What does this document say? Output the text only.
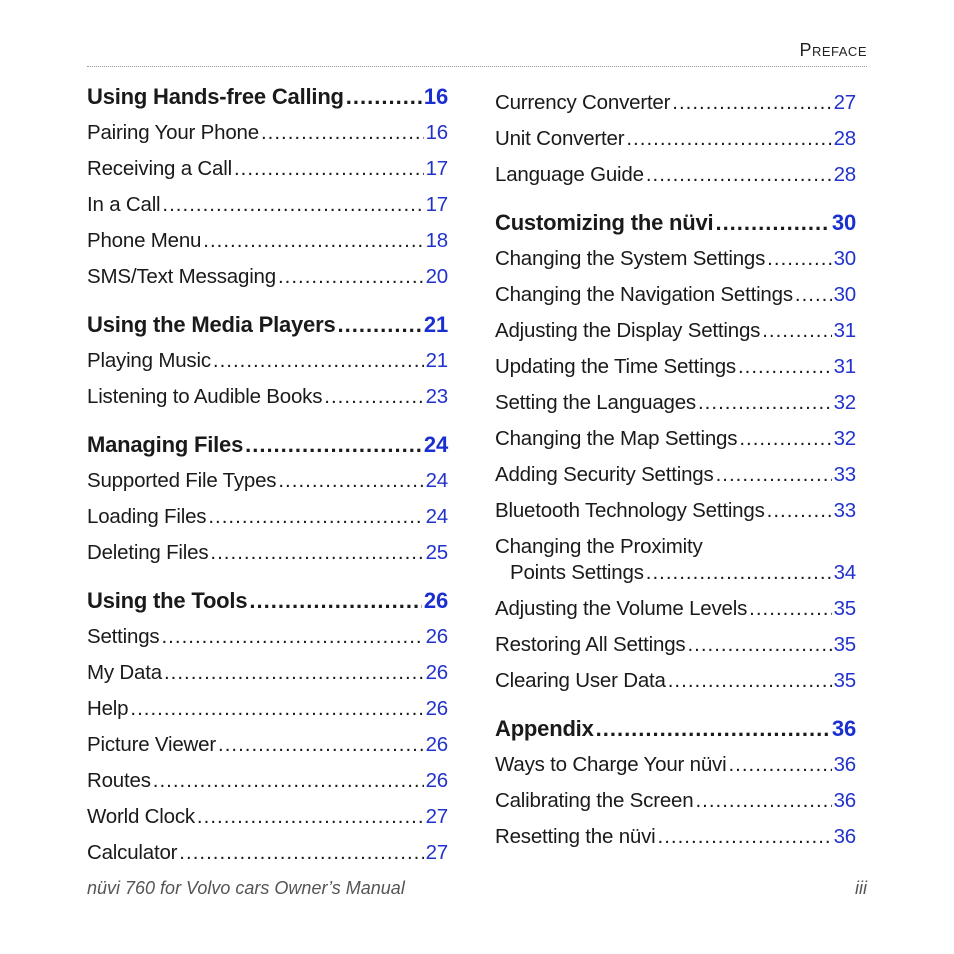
Preface
Using Hands-free Calling .....	16
Pairing Your Phone .....	16
Receiving a Call .....	17
In a Call .....	17
Phone Menu .....	18
SMS/Text Messaging .....	20
Using the Media Players .....	21
Playing Music .....	21
Listening to Audible Books .....	23
Managing Files .....	24
Supported File Types .....	24
Loading Files .....	24
Deleting Files .....	25
Using the Tools .....	26
Settings .....	26
My Data .....	26
Help .....	26
Picture Viewer .....	26
Routes .....	26
World Clock .....	27
Calculator .....	27
Currency Converter .....	27
Unit Converter .....	28
Language Guide .....	28
Customizing the nüvi .....	30
Changing the System Settings .....	30
Changing the Navigation Settings ..... 30
Adjusting the Display Settings .....	31
Updating the Time Settings .....	31
Setting the Languages .....	32
Changing the Map Settings .....	32
Adding Security Settings .....	33
Bluetooth Technology Settings .....	33
Changing the Proximity
Points Settings .....	34
Adjusting the Volume Levels .....	35
Restoring All Settings .....	35
Clearing User Data .....	35
Appendix .....	36
Ways to Charge Your nüvi .....	36
Calibrating the Screen .....	36
Resetting the nüvi .....	36
nüvi 760 for Volvo cars Owner’s Manual	iii
